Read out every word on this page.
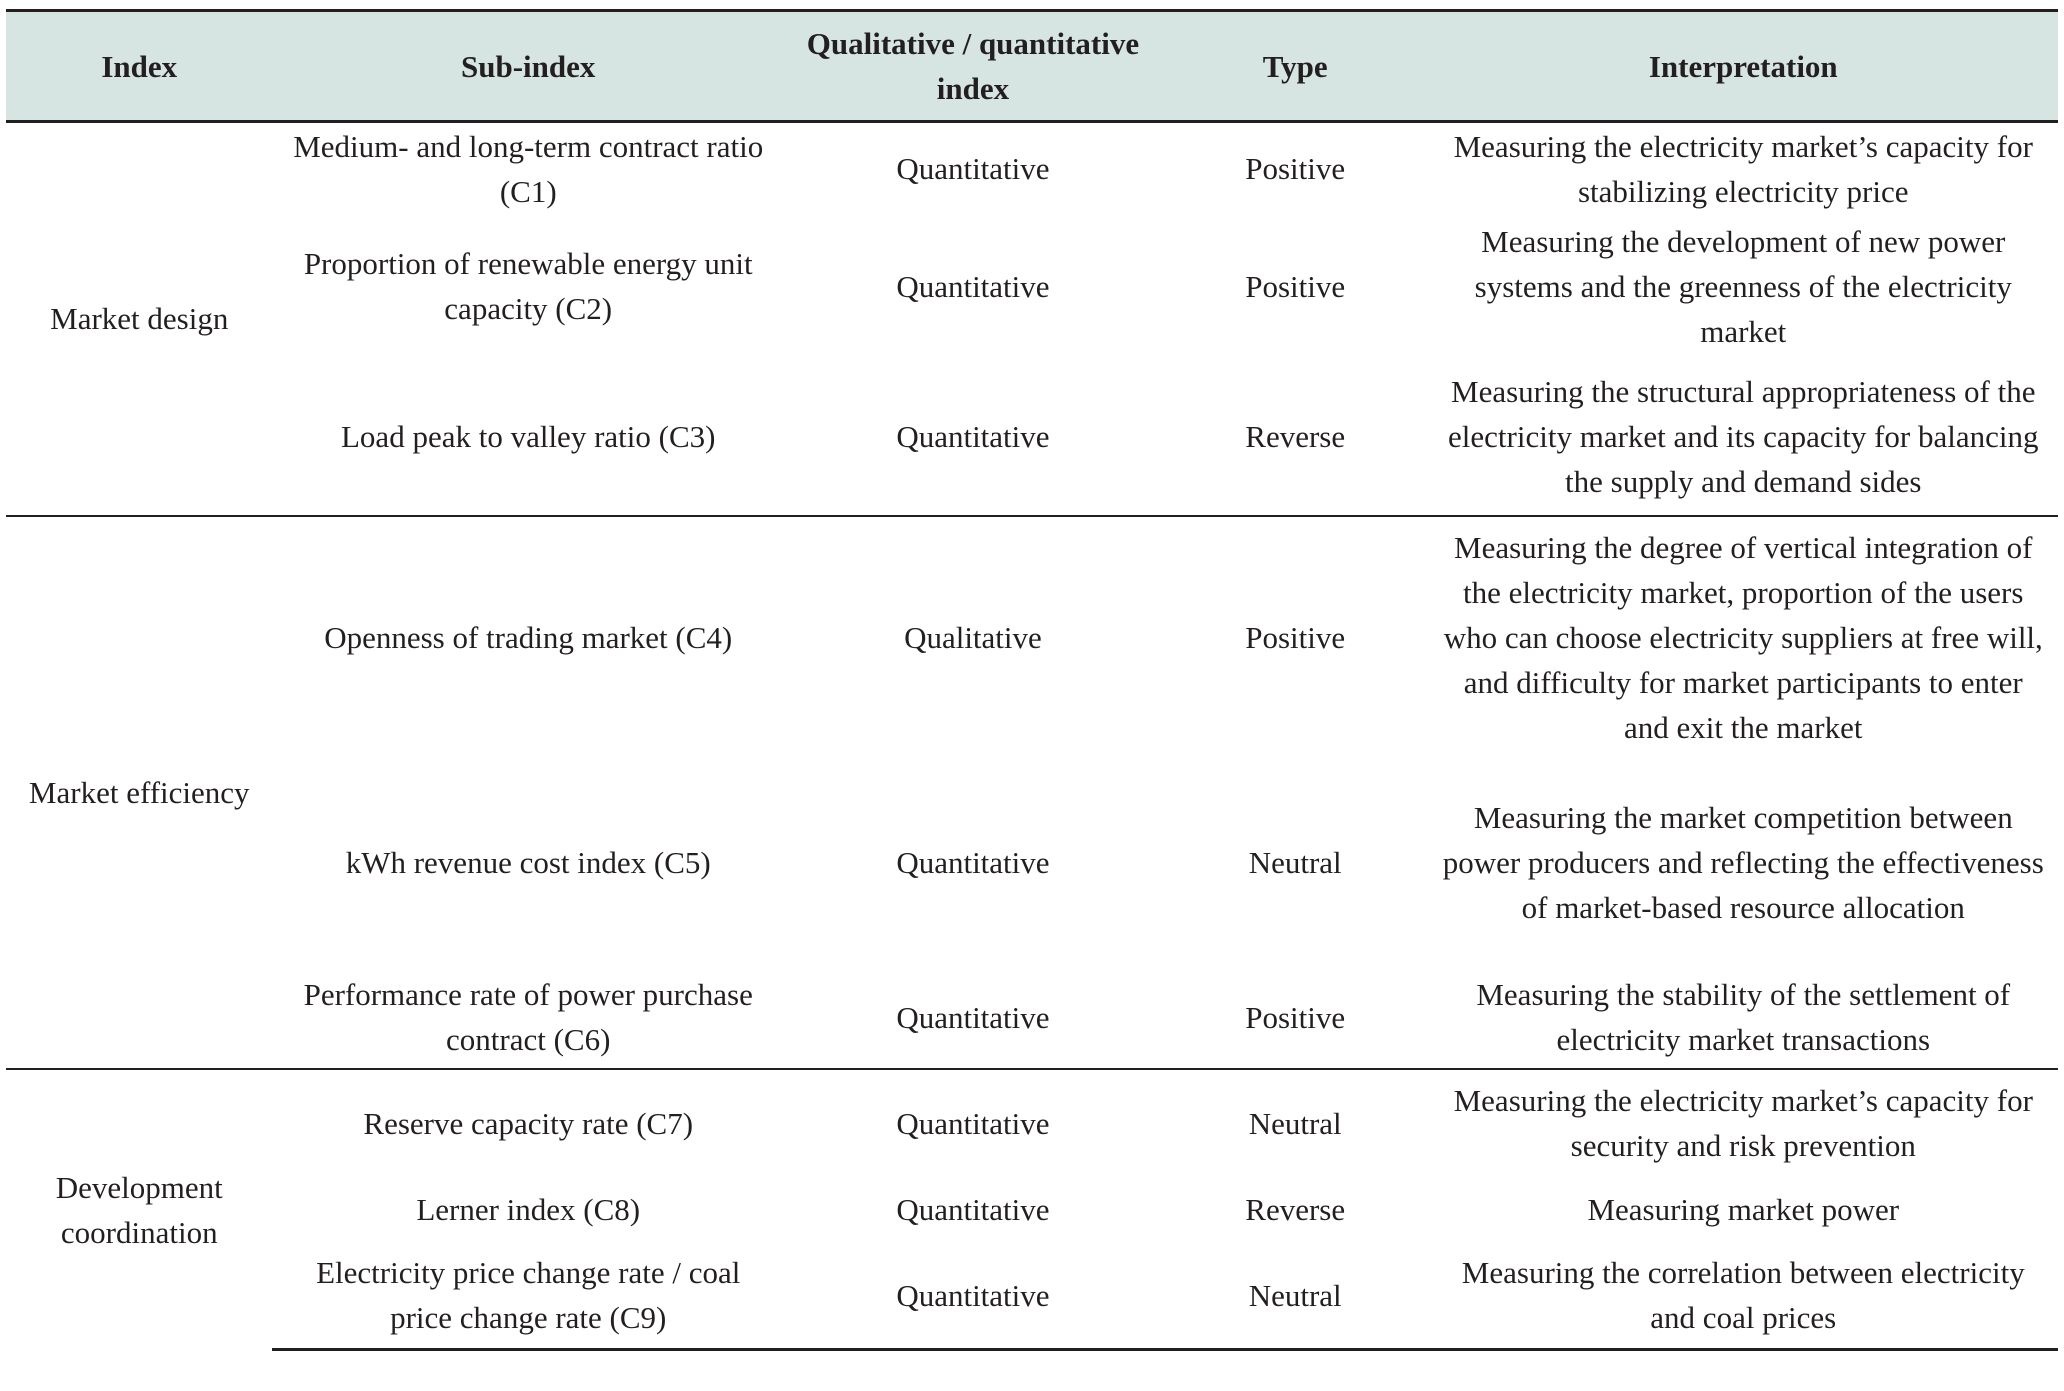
Index	Sub-index	Qualitative / quantitative index	Type	Interpretation
Market design	Medium- and long-term contract ratio (C1)	Quantitative	Positive	Measuring the electricity market’s capacity for stabilizing electricity price
	Proportion of renewable energy unit capacity (C2)	Quantitative	Positive	Measuring the development of new power systems and the greenness of the electricity market
	Load peak to valley ratio (C3)	Quantitative	Reverse	Measuring the structural appropriateness of the electricity market and its capacity for balancing the supply and demand sides
Market efficiency	Openness of trading market (C4)	Qualitative	Positive	Measuring the degree of vertical integration of the electricity market, proportion of the users who can choose electricity suppliers at free will, and difficulty for market participants to enter and exit the market
	kWh revenue cost index (C5)	Quantitative	Neutral	Measuring the market competition between power producers and reflecting the effectiveness of market-based resource allocation
	Performance rate of power purchase contract (C6)	Quantitative	Positive	Measuring the stability of the settlement of electricity market transactions
Development coordination	Reserve capacity rate (C7)	Quantitative	Neutral	Measuring the electricity market’s capacity for security and risk prevention
	Lerner index (C8)	Quantitative	Reverse	Measuring market power
	Electricity price change rate / coal price change rate (C9)	Quantitative	Neutral	Measuring the correlation between electricity and coal prices
